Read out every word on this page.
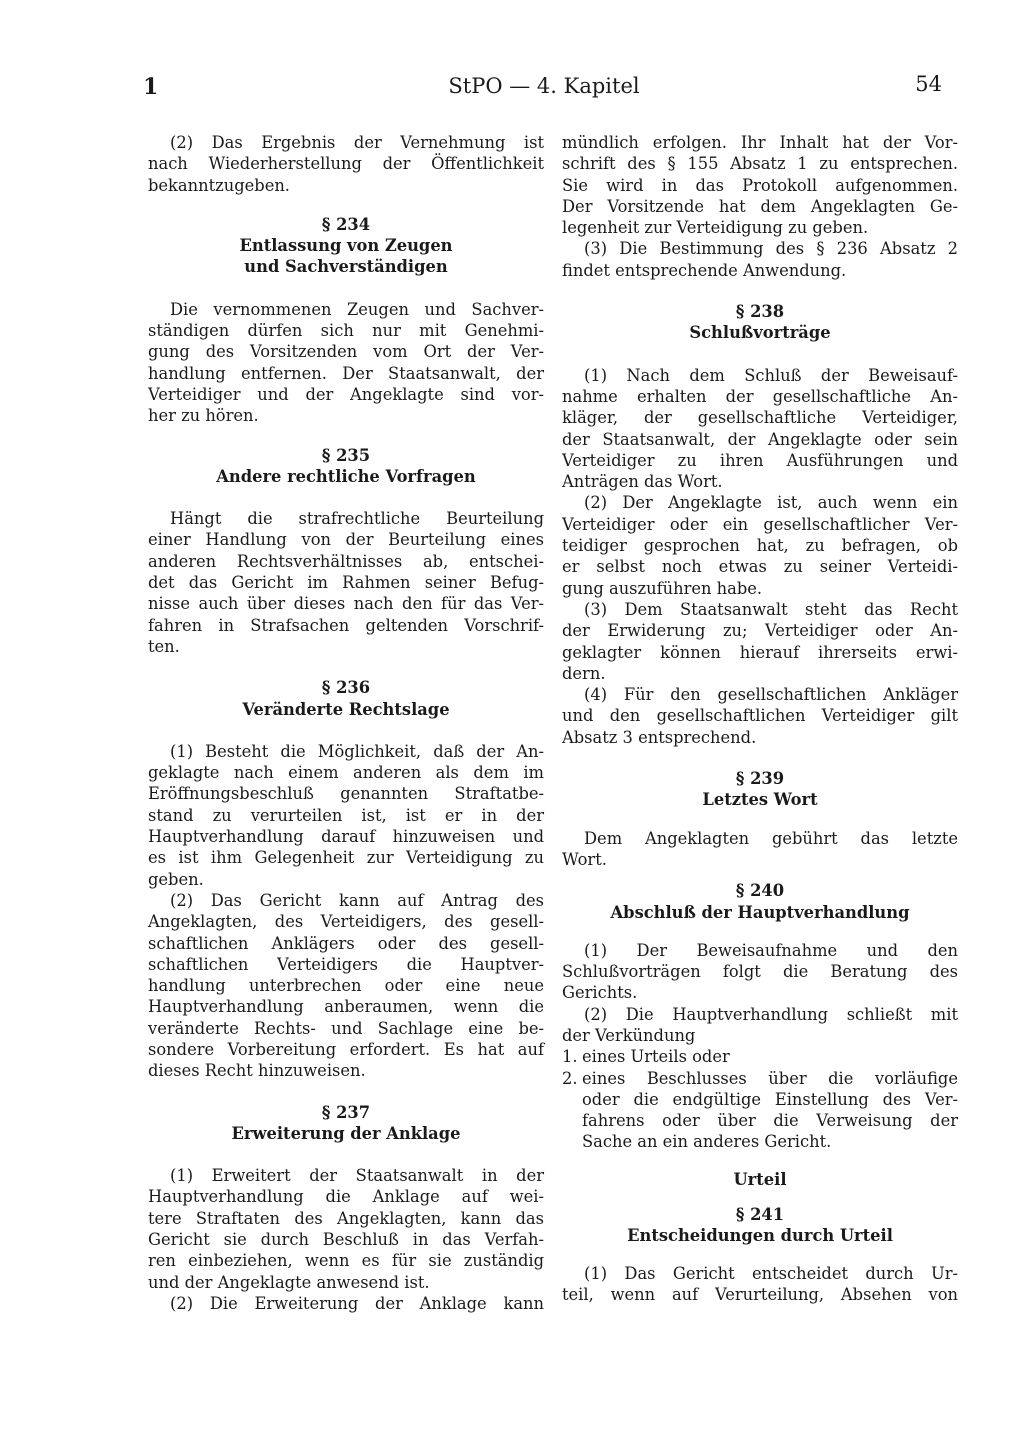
1	StPO — 4. Kapitel	54
(2) Das Ergebnis der Vernehmung ist
nach Wiederherstellung der Öffentlichkeit
bekanntzugeben.
§ 234
Entlassung von Zeugen
und Sachverständigen
Die vernommenen Zeugen und Sachver-
ständigen dürfen sich nur mit Genehmi-
gung des Vorsitzenden vom Ort der Ver-
handlung entfernen. Der Staatsanwalt, der
Verteidiger und der Angeklagte sind vor-
her zu hören.
§ 235
Andere rechtliche Vorfragen
Hängt die strafrechtliche Beurteilung
einer Handlung von der Beurteilung eines
anderen Rechtsverhältnisses ab, entschei-
det das Gericht im Rahmen seiner Befug-
nisse auch über dieses nach den für das Ver-
fahren in Strafsachen geltenden Vorschrif-
ten.
§ 236
Veränderte Rechtslage
(1) Besteht die Möglichkeit, daß der An-
geklagte nach einem anderen als dem im
Eröffnungsbeschluß genannten Straftatbe-
stand zu verurteilen ist, ist er in der
Hauptverhandlung darauf hinzuweisen und
es ist ihm Gelegenheit zur Verteidigung zu
geben.
(2) Das Gericht kann auf Antrag des
Angeklagten, des Verteidigers, des gesell-
schaftlichen Anklägers oder des gesell-
schaftlichen Verteidigers die Hauptver-
handlung unterbrechen oder eine neue
Hauptverhandlung anberaumen, wenn die
veränderte Rechts- und Sachlage eine be-
sondere Vorbereitung erfordert. Es hat auf
dieses Recht hinzuweisen.
§ 237
Erweiterung der Anklage
(1) Erweitert der Staatsanwalt in der
Hauptverhandlung die Anklage auf wei-
tere Straftaten des Angeklagten, kann das
Gericht sie durch Beschluß in das Verfah-
ren einbeziehen, wenn es für sie zuständig
und der Angeklagte anwesend ist.
(2) Die Erweiterung der Anklage kann
mündlich erfolgen. Ihr Inhalt hat der Vor-
schrift des § 155 Absatz 1 zu entsprechen.
Sie wird in das Protokoll aufgenommen.
Der Vorsitzende hat dem Angeklagten Ge-
legenheit zur Verteidigung zu geben.
(3) Die Bestimmung des § 236 Absatz 2
findet entsprechende Anwendung.
§ 238
Schlußvorträge
(1) Nach dem Schluß der Beweisauf-
nahme erhalten der gesellschaftliche An-
kläger, der gesellschaftliche Verteidiger,
der Staatsanwalt, der Angeklagte oder sein
Verteidiger zu ihren Ausführungen und
Anträgen das Wort.
(2) Der Angeklagte ist, auch wenn ein
Verteidiger oder ein gesellschaftlicher Ver-
teidiger gesprochen hat, zu befragen, ob
er selbst noch etwas zu seiner Verteidi-
gung auszuführen habe.
(3) Dem Staatsanwalt steht das Recht
der Erwiderung zu; Verteidiger oder An-
geklagter können hierauf ihrerseits erwi-
dern.
(4) Für den gesellschaftlichen Ankläger
und den gesellschaftlichen Verteidiger gilt
Absatz 3 entsprechend.
§ 239
Letztes Wort
Dem Angeklagten gebührt das letzte
Wort.
§ 240
Abschluß der Hauptverhandlung
(1) Der Beweisaufnahme und den
Schlußvorträgen folgt die Beratung des
Gerichts.
(2) Die Hauptverhandlung schließt mit
der Verkündung
1. eines Urteils oder
2. eines Beschlusses über die vorläufige
oder die endgültige Einstellung des Ver-
fahrens oder über die Verweisung der
Sache an ein anderes Gericht.
Urteil
§ 241
Entscheidungen durch Urteil
(1) Das Gericht entscheidet durch Ur-
teil, wenn auf Verurteilung, Absehen von
